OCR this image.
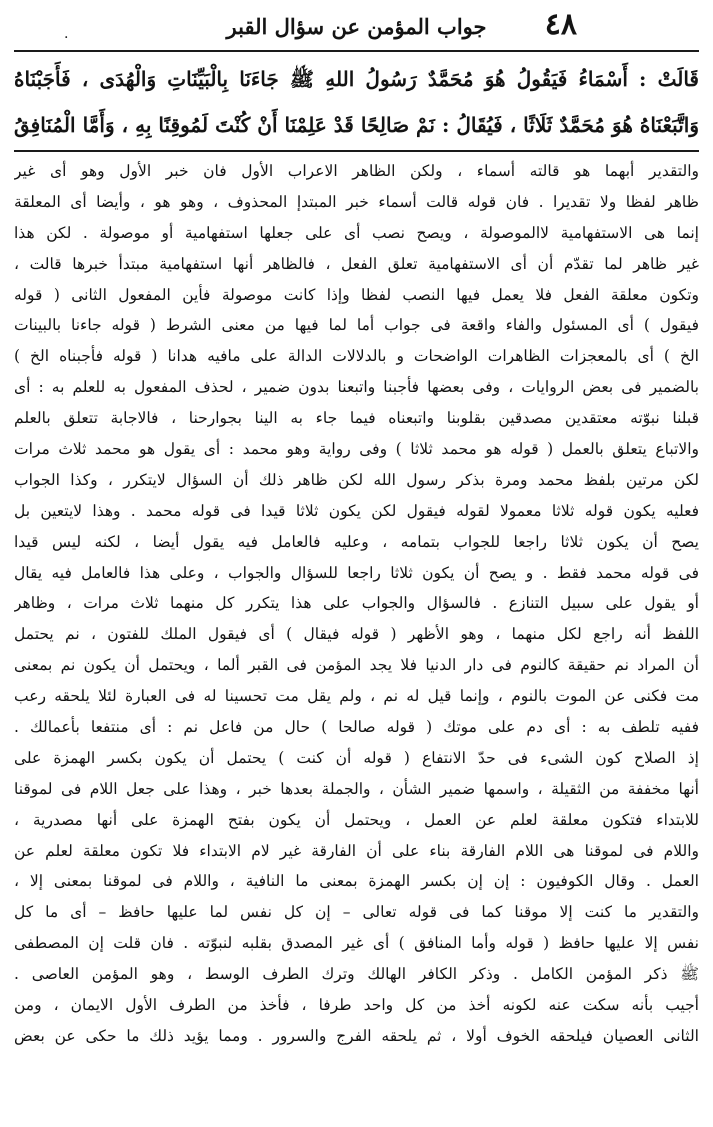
٤٨
جواب المؤمن عن سؤال القبر
.
قَالَتْ : أَسْمَاءُ فَيَقُولُ هُوَ مُحَمَّدٌ رَسُولُ اللهِ ﷺ جَاءَنَا بِالْبَيِّنَاتِ وَالْهُدَى ، فَأَجَبْنَاهُ
وَاتَّبَعْنَاهُ هُوَ مُحَمَّدٌ ثَلَاثًا ، فَيُقَالُ : نَمْ صَالِحًا قَدْ عَلِمْنَا أَنْ كُنْتَ لَمُوقِنًا بِهِ ، وَأَمَّا الْمُنَافِقُ
والتقدير أبهما هو قالته أسماء ، ولكن الظاهر الاعراب الأول فان خبر الأول وهو أى غير
ظاهر لفظا ولا تقديرا . فان قوله قالت أسماء خبر المبتدإ المحذوف ، وهو هو ، وأيضا أى المعلقة
إنما هى الاستفهامية لاالموصولة ، ويصح نصب أى على جعلها استفهامية أو موصولة . لكن هذا
غير ظاهر لما تقدّم أن أى الاستفهامية تعلق الفعل ، فالظاهر أنها استفهامية مبتدأ خبرها قالت ،
وتكون معلقة الفعل فلا يعمل فيها النصب لفظا وإذا كانت موصولة فأين المفعول الثانى ( قوله
فيقول ) أى المسئول والفاء واقعة فى جواب أما لما فيها من معنى الشرط ( قوله جاءنا بالبينات
الخ ) أى بالمعجزات الظاهرات الواضحات و بالدلالات الدالة على مافيه هدانا ( قوله فأجبناه الخ )
بالضمير فى بعض الروايات ، وفى بعضها فأجبنا واتبعنا بدون ضمير ، لحذف المفعول به للعلم به : أى
قبلنا نبوّته معتقدين مصدقين بقلوبنا واتبعناه فيما جاء به الينا بجوارحنا ، فالاجابة تتعلق بالعلم
والاتباع يتعلق بالعمل ( قوله هو محمد ثلاثا ) وفى رواية وهو محمد : أى يقول هو محمد ثلاث مرات
لكن مرتين بلفظ محمد ومرة بذكر رسول الله لكن ظاهر ذلك أن السؤال لايتكرر ، وكذا الجواب
فعليه يكون قوله ثلاثا معمولا لقوله فيقول لكن يكون ثلاثا قيدا فى قوله محمد . وهذا لايتعين بل
يصح أن يكون ثلاثا راجعا للجواب بتمامه ، وعليه فالعامل فيه يقول أيضا ، لكنه ليس قيدا
فى قوله محمد فقط . و يصح أن يكون ثلاثا راجعا للسؤال والجواب ، وعلى هذا فالعامل فيه يقال
أو يقول على سبيل التنازع . فالسؤال والجواب على هذا يتكرر كل منهما ثلاث مرات ، وظاهر
اللفظ أنه راجع لكل منهما ، وهو الأظهر ( قوله فيقال ) أى فيقول الملك للفتون ، نم يحتمل
أن المراد نم حقيقة كالنوم فى دار الدنيا فلا يجد المؤمن فى القبر ألما ، ويحتمل أن يكون نم بمعنى
مت فكنى عن الموت بالنوم ، وإنما قيل له نم ، ولم يقل مت تحسينا له فى العبارة لئلا يلحقه رعب
ففيه تلطف به : أى دم على موتك ( قوله صالحا ) حال من فاعل نم : أى منتفعا بأعمالك .
إذ الصلاح كون الشىء فى حدّ الانتفاع ( قوله أن كنت ) يحتمل أن يكون بكسر الهمزة على
أنها مخففة من الثقيلة ، واسمها ضمير الشأن ، والجملة بعدها خبر ، وهذا على جعل اللام فى لموقنا
للابتداء فتكون معلقة لعلم عن العمل ، ويحتمل أن يكون بفتح الهمزة على أنها مصدرية ،
واللام فى لموقنا هى اللام الفارقة بناء على أن الفارقة غير لام الابتداء فلا تكون معلقة لعلم عن
العمل . وقال الكوفيون : إن إن بكسر الهمزة بمعنى ما النافية ، واللام فى لموقنا بمعنى إلا ،
والتقدير ما كنت إلا موقنا كما فى قوله تعالى – إن كل نفس لما عليها حافظ – أى ما كل
نفس إلا عليها حافظ ( قوله وأما المنافق ) أى غير المصدق بقلبه لنبوّته . فان قلت إن المصطفى
ﷺ ذكر المؤمن الكامل . وذكر الكافر الهالك وترك الطرف الوسط ، وهو المؤمن العاصى .
أجيب بأنه سكت عنه لكونه أخذ من كل واحد طرفا ، فأخذ من الطرف الأول الايمان ، ومن
الثانى العصيان فيلحقه الخوف أولا ، ثم يلحقه الفرج والسرور . ومما يؤيد ذلك ما حكى عن بعض
